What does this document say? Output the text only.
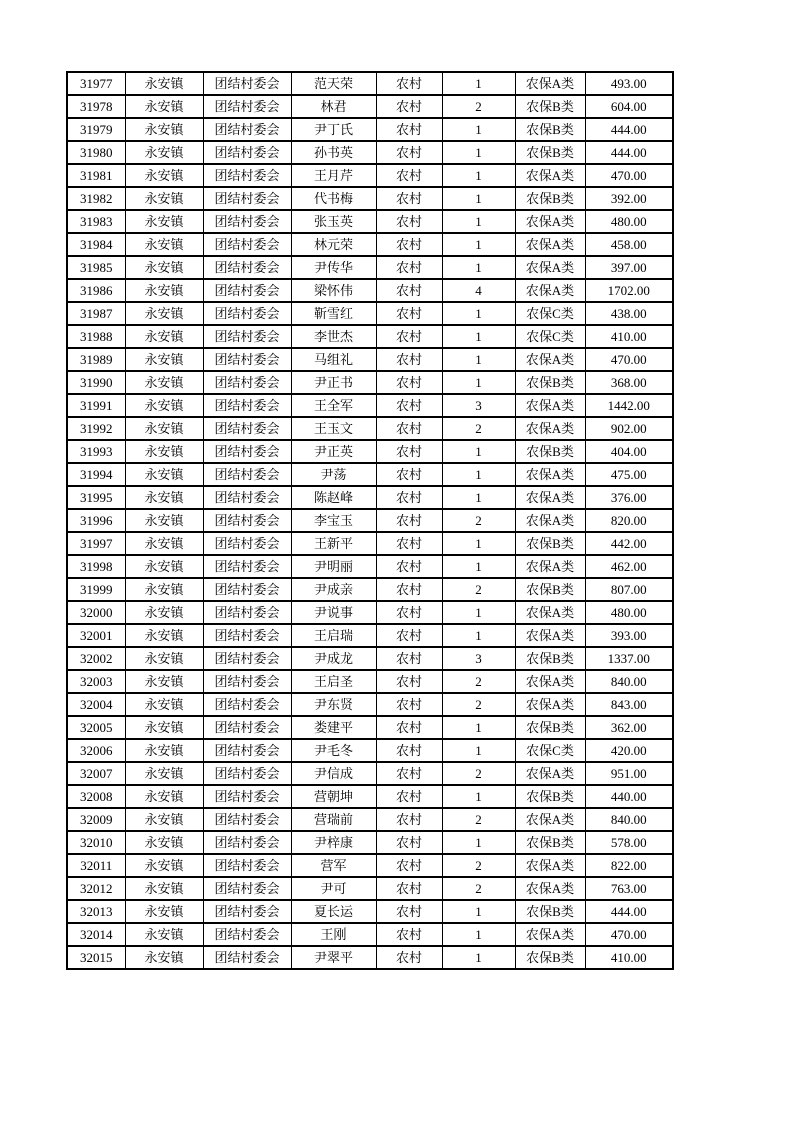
31977	永安镇	团结村委会	范天荣	农村	1	农保A类	493.00
31978	永安镇	团结村委会	林君	农村	2	农保B类	604.00
31979	永安镇	团结村委会	尹丁氏	农村	1	农保B类	444.00
31980	永安镇	团结村委会	孙书英	农村	1	农保B类	444.00
31981	永安镇	团结村委会	王月芹	农村	1	农保A类	470.00
31982	永安镇	团结村委会	代书梅	农村	1	农保B类	392.00
31983	永安镇	团结村委会	张玉英	农村	1	农保A类	480.00
31984	永安镇	团结村委会	林元荣	农村	1	农保A类	458.00
31985	永安镇	团结村委会	尹传华	农村	1	农保A类	397.00
31986	永安镇	团结村委会	梁怀伟	农村	4	农保A类	1702.00
31987	永安镇	团结村委会	靳雪红	农村	1	农保C类	438.00
31988	永安镇	团结村委会	李世杰	农村	1	农保C类	410.00
31989	永安镇	团结村委会	马组礼	农村	1	农保A类	470.00
31990	永安镇	团结村委会	尹正书	农村	1	农保B类	368.00
31991	永安镇	团结村委会	王全军	农村	3	农保A类	1442.00
31992	永安镇	团结村委会	王玉文	农村	2	农保A类	902.00
31993	永安镇	团结村委会	尹正英	农村	1	农保B类	404.00
31994	永安镇	团结村委会	尹荡	农村	1	农保A类	475.00
31995	永安镇	团结村委会	陈赵峰	农村	1	农保A类	376.00
31996	永安镇	团结村委会	李宝玉	农村	2	农保A类	820.00
31997	永安镇	团结村委会	王新平	农村	1	农保B类	442.00
31998	永安镇	团结村委会	尹明丽	农村	1	农保A类	462.00
31999	永安镇	团结村委会	尹成亲	农村	2	农保B类	807.00
32000	永安镇	团结村委会	尹说事	农村	1	农保A类	480.00
32001	永安镇	团结村委会	王启瑞	农村	1	农保A类	393.00
32002	永安镇	团结村委会	尹成龙	农村	3	农保B类	1337.00
32003	永安镇	团结村委会	王启圣	农村	2	农保A类	840.00
32004	永安镇	团结村委会	尹东贤	农村	2	农保A类	843.00
32005	永安镇	团结村委会	娄建平	农村	1	农保B类	362.00
32006	永安镇	团结村委会	尹毛冬	农村	1	农保C类	420.00
32007	永安镇	团结村委会	尹信成	农村	2	农保A类	951.00
32008	永安镇	团结村委会	营朝坤	农村	1	农保B类	440.00
32009	永安镇	团结村委会	营瑞前	农村	2	农保A类	840.00
32010	永安镇	团结村委会	尹梓康	农村	1	农保B类	578.00
32011	永安镇	团结村委会	营军	农村	2	农保A类	822.00
32012	永安镇	团结村委会	尹可	农村	2	农保A类	763.00
32013	永安镇	团结村委会	夏长运	农村	1	农保B类	444.00
32014	永安镇	团结村委会	王刚	农村	1	农保A类	470.00
32015	永安镇	团结村委会	尹翠平	农村	1	农保B类	410.00
